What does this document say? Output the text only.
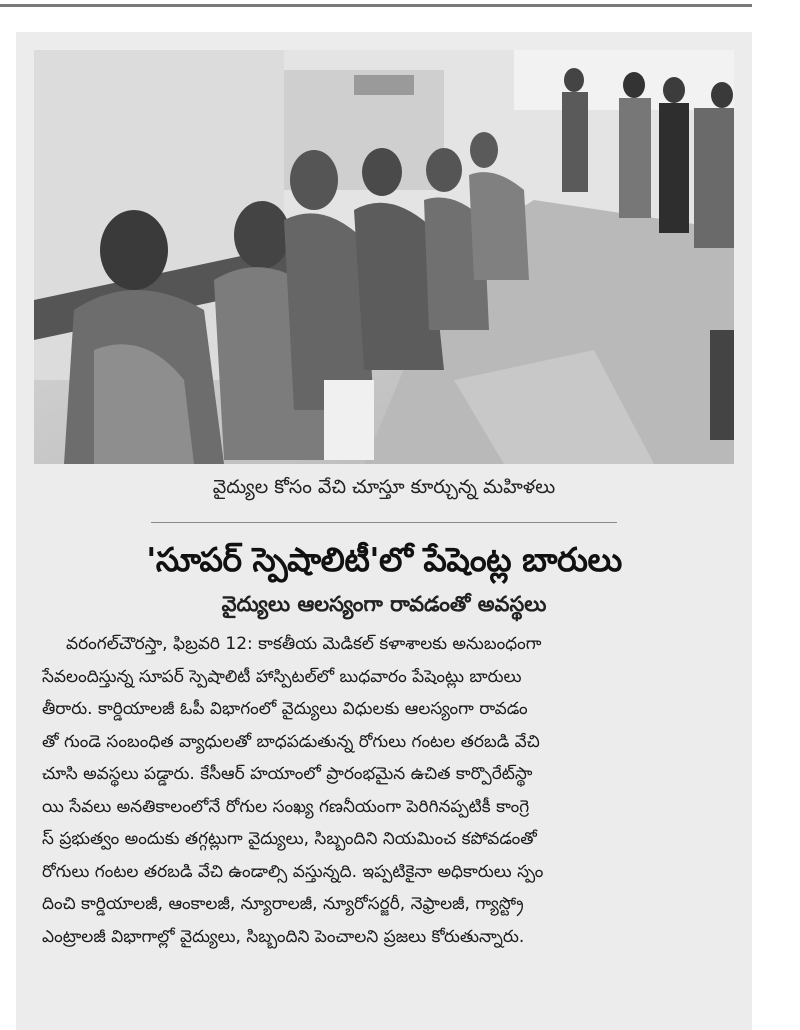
వైద్యుల కోసం వేచి చూస్తూ కూర్చున్న మహిళలు
'సూపర్ స్పెషాలిటీ'లో పేషెంట్ల బారులు
వైద్యులు ఆలస్యంగా రావడంతో అవస్థలు
వరంగల్‌చౌరస్తా, ఫిబ్రవరి 12: కాకతీయ మెడికల్ కళాశాలకు అనుబంధంగా
సేవలందిస్తున్న సూపర్ స్పెషాలిటీ హాస్పిటల్‌లో బుధవారం పేషెంట్లు బారులు
తీరారు. కార్డియాలజీ ఓపీ విభాగంలో వైద్యులు విధులకు ఆలస్యంగా రావడం
తో గుండె సంబంధిత వ్యాధులతో బాధపడుతున్న రోగులు గంటల తరబడి వేచి
చూసి అవస్థలు పడ్డారు. కేసీఆర్ హయాంలో ప్రారంభమైన ఉచిత కార్పొరేట్‌స్థా
యి సేవలు అనతికాలంలోనే రోగుల సంఖ్య గణనీయంగా పెరిగినప్పటికీ కాంగ్రె
స్ ప్రభుత్వం అందుకు తగ్గట్లుగా వైద్యులు, సిబ్బందిని నియమించ కపోవడంతో
రోగులు గంటల తరబడి వేచి ఉండాల్సి వస్తున్నది. ఇప్పటికైనా అధికారులు స్పం
దించి కార్డియాలజీ, ఆంకాలజీ, న్యూరాలజీ, న్యూరోసర్జరీ, నెఫ్రాలజీ, గ్యాస్ట్రో
ఎంట్రాలజీ విభాగాల్లో వైద్యులు, సిబ్బందిని పెంచాలని ప్రజలు కోరుతున్నారు.
